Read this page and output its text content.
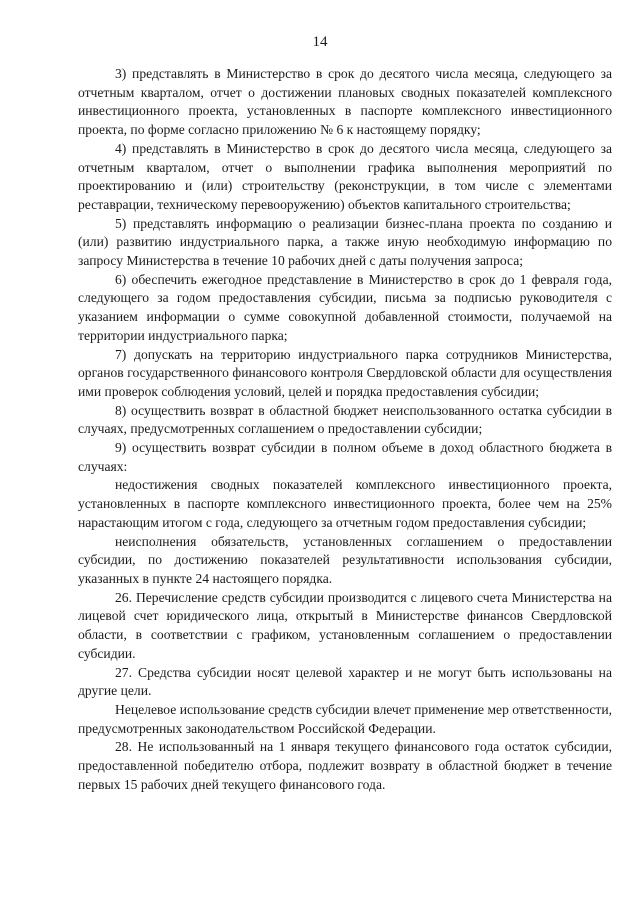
14

3) представлять в Министерство в срок до десятого числа месяца, следующего за отчетным кварталом, отчет о достижении плановых сводных показателей комплексного инвестиционного проекта, установленных в паспорте комплексного инвестиционного проекта, по форме согласно приложению № 6 к настоящему порядку;

4) представлять в Министерство в срок до десятого числа месяца, следующего за отчетным кварталом, отчет о выполнении графика выполнения мероприятий по проектированию и (или) строительству (реконструкции, в том числе с элементами реставрации, техническому перевооружению) объектов капитального строительства;

5) представлять информацию о реализации бизнес-плана проекта по созданию и (или) развитию индустриального парка, а также иную необходимую информацию по запросу Министерства в течение 10 рабочих дней с даты получения запроса;

6) обеспечить ежегодное представление в Министерство в срок до 1 февраля года, следующего за годом предоставления субсидии, письма за подписью руководителя с указанием информации о сумме совокупной добавленной стоимости, получаемой на территории индустриального парка;

7) допускать на территорию индустриального парка сотрудников Министерства, органов государственного финансового контроля Свердловской области для осуществления ими проверок соблюдения условий, целей и порядка предоставления субсидии;

8) осуществить возврат в областной бюджет неиспользованного остатка субсидии в случаях, предусмотренных соглашением о предоставлении субсидии;

9) осуществить возврат субсидии в полном объеме в доход областного бюджета в случаях:

недостижения сводных показателей комплексного инвестиционного проекта, установленных в паспорте комплексного инвестиционного проекта, более чем на 25% нарастающим итогом с года, следующего за отчетным годом предоставления субсидии;

неисполнения обязательств, установленных соглашением о предоставлении субсидии, по достижению показателей результативности использования субсидии, указанных в пункте 24 настоящего порядка.

26. Перечисление средств субсидии производится с лицевого счета Министерства на лицевой счет юридического лица, открытый в Министерстве финансов Свердловской области, в соответствии с графиком, установленным соглашением о предоставлении субсидии.

27. Средства субсидии носят целевой характер и не могут быть использованы на другие цели.

Нецелевое использование средств субсидии влечет применение мер ответственности, предусмотренных законодательством Российской Федерации.

28. Не использованный на 1 января текущего финансового года остаток субсидии, предоставленной победителю отбора, подлежит возврату в областной бюджет в течение первых 15 рабочих дней текущего финансового года.
